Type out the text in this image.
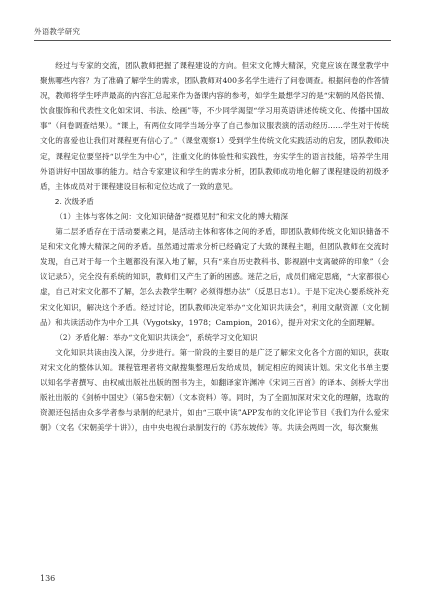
外语教学研究

经过与专家的交流，团队教师把握了课程建设的方向。但宋文化博大精深，究竟应该在课堂教学中聚焦哪些内容？为了准确了解学生的需求，团队教师对400多名学生进行了问卷调查。根据问卷的作答情况，教师将学生呼声最高的内容汇总起来作为备课内容的参考，如学生最想学习的是“宋朝的风俗民情、饮食服饰和代表性文化如宋词、书法、绘画”等，不少同学渴望“学习用英语讲述传统文化、传播中国故事”（问卷调查结果）。“课上，有两位女同学当场分享了自己参加议服表演的活动经历……学生对于传统文化的喜爱也让我们对课程更有信心了。”（课堂观察1）受到学生传统文化实践活动的启发，团队教师决定，课程定位要坚持“以学生为中心”，注重文化的体验性和实践性，夯实学生的语言技能，培养学生用外语讲好中国故事的能力。结合专家建议和学生的需求分析，团队教师成功地化解了课程建设的初级矛盾，主体成员对于课程建设目标和定位达成了一致的意见。

2. 次级矛盾

（1）主体与客体之间：文化知识储备“捉襟见肘”和宋文化的博大精深

第二层矛盾存在于活动要素之间，是活动主体和客体之间的矛盾，即团队教师传统文化知识储备不足和宋文化博大精深之间的矛盾。虽然通过需求分析已经确定了大致的课程主题，但团队教师在交流时发现，自己对于每一个主题都没有深入地了解，只有“来自历史教科书、影视剧中支离破碎的印象”（会议记录5），完全没有系统的知识，教师们又产生了新的困惑。迷茫之后，成员们痛定思痛，“大家都很心虚，自己对宋文化都不了解，怎么去教学生啊？必须得想办法”（反思日志1）。于是下定决心要系统补充宋文化知识，解决这个矛盾。经过讨论，团队教师决定举办“文化知识共读会”，利用文献资源（文化制品）和共读活动作为中介工具（Vygotsky，1978；Campion，2016），提升对宋文化的全面理解。

（2）矛盾化解：举办“文化知识共读会”，系统学习文化知识

文化知识共读由浅入深，分步进行。第一阶段的主要目的是广泛了解宋文化各个方面的知识，获取对宋文化的整体认知。课程管理者将文献搜集整理后发给成员，制定相应的阅读计划。宋文化书单主要以知名学者撰写、由权威出版社出版的图书为主，如翻译家许渊冲《宋词三百首》的译本、剑桥大学出版社出版的《剑桥中国史》（第5卷宋朝）（文本资料）等。同时，为了全面加深对宋文化的理解，选取的资源还包括由众多学者参与录制的纪录片，如由“三联中读”APP发布的文化评论节目《我们为什么爱宋朝》（文名《宋朝美学十讲》），由中央电视台录制发行的《苏东坡传》等。共读会两周一次，每次聚焦

136
